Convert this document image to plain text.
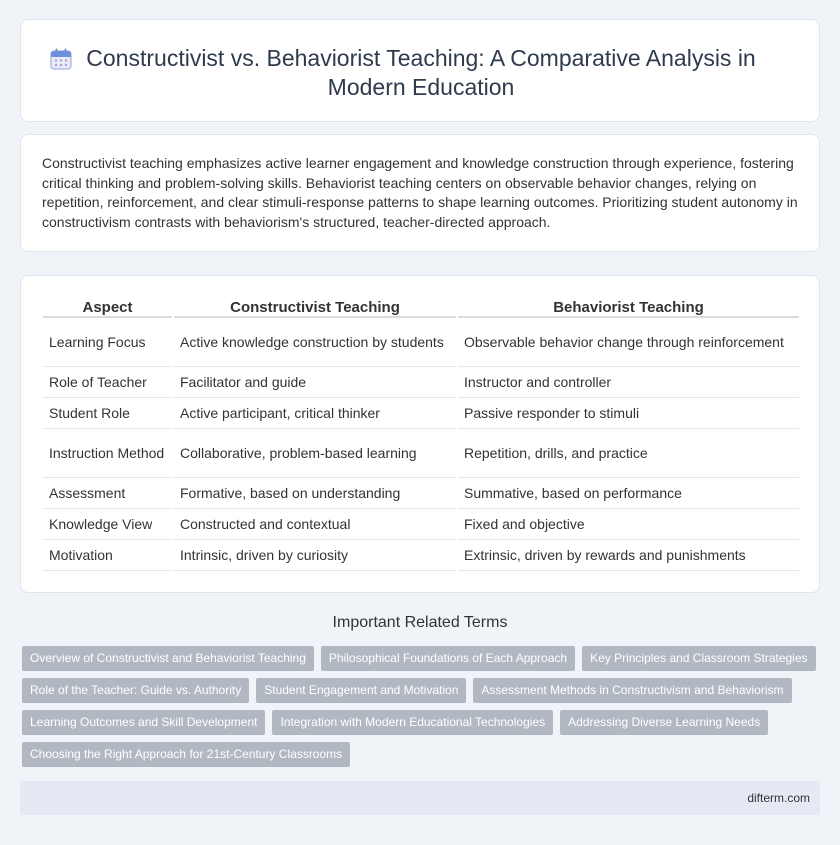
Constructivist vs. Behaviorist Teaching: A Comparative Analysis in
Modern Education

Constructivist teaching emphasizes active learner engagement and knowledge construction through experience, fostering critical thinking and problem-solving skills. Behaviorist teaching centers on observable behavior changes, relying on repetition, reinforcement, and clear stimuli-response patterns to shape learning outcomes. Prioritizing student autonomy in constructivism contrasts with behaviorism's structured, teacher-directed approach.

Aspect	Constructivist Teaching	Behaviorist Teaching
Learning Focus	Active knowledge construction by students	Observable behavior change through reinforcement
Role of Teacher	Facilitator and guide	Instructor and controller
Student Role	Active participant, critical thinker	Passive responder to stimuli
Instruction Method	Collaborative, problem-based learning	Repetition, drills, and practice
Assessment	Formative, based on understanding	Summative, based on performance
Knowledge View	Constructed and contextual	Fixed and objective
Motivation	Intrinsic, driven by curiosity	Extrinsic, driven by rewards and punishments
Important Related Terms
Overview of Constructivist and Behaviorist Teaching	Philosophical Foundations of Each Approach	Key Principles and Classroom Strategies
Role of the Teacher: Guide vs. Authority	Student Engagement and Motivation	Assessment Methods in Constructivism and Behaviorism
Learning Outcomes and Skill Development	Integration with Modern Educational Technologies	Addressing Diverse Learning Needs
Choosing the Right Approach for 21st-Century Classrooms
difterm.com
